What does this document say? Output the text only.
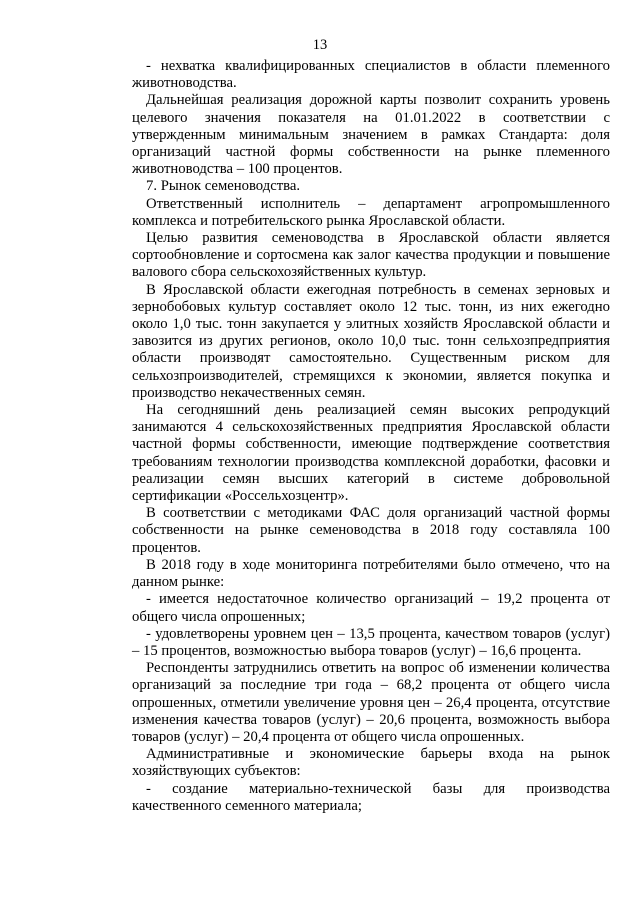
13

- нехватка квалифицированных специалистов в области племенного животноводства.

Дальнейшая реализация дорожной карты позволит сохранить уровень целевого значения показателя на 01.01.2022 в соответствии с утвержденным минимальным значением в рамках Стандарта: доля организаций частной формы собственности на рынке племенного животноводства – 100 процентов.

7. Рынок семеноводства.

Ответственный исполнитель – департамент агропромышленного комплекса и потребительского рынка Ярославской области.

Целью развития семеноводства в Ярославской области является сортообновление и сортосмена как залог качества продукции и повышение валового сбора сельскохозяйственных культур.

В Ярославской области ежегодная потребность в семенах зерновых и зернобобовых культур составляет около 12 тыс. тонн, из них ежегодно около 1,0 тыс. тонн закупается у элитных хозяйств Ярославской области и завозится из других регионов, около 10,0 тыс. тонн сельхозпредприятия области производят самостоятельно. Существенным риском для сельхозпроизводителей, стремящихся к экономии, является покупка и производство некачественных семян.

На сегодняшний день реализацией семян высоких репродукций занимаются 4 сельскохозяйственных предприятия Ярославской области частной формы собственности, имеющие подтверждение соответствия требованиям технологии производства комплексной доработки, фасовки и реализации семян высших категорий в системе добровольной сертификации «Россельхозцентр».

В соответствии с методиками ФАС доля организаций частной формы собственности на рынке семеноводства в 2018 году составляла 100 процентов.

В 2018 году в ходе мониторинга потребителями было отмечено, что на данном рынке:

- имеется недостаточное количество организаций – 19,2 процента от общего числа опрошенных;

- удовлетворены уровнем цен – 13,5 процента, качеством товаров (услуг) – 15 процентов, возможностью выбора товаров (услуг) – 16,6 процента.

Респонденты затруднились ответить на вопрос об изменении количества организаций за последние три года – 68,2 процента от общего числа опрошенных, отметили увеличение уровня цен – 26,4 процента, отсутствие изменения качества товаров (услуг) – 20,6 процента, возможность выбора товаров (услуг) – 20,4 процента от общего числа опрошенных.

Административные и экономические барьеры входа на рынок хозяйствующих субъектов:

- создание материально-технической базы для производства качественного семенного материала;
